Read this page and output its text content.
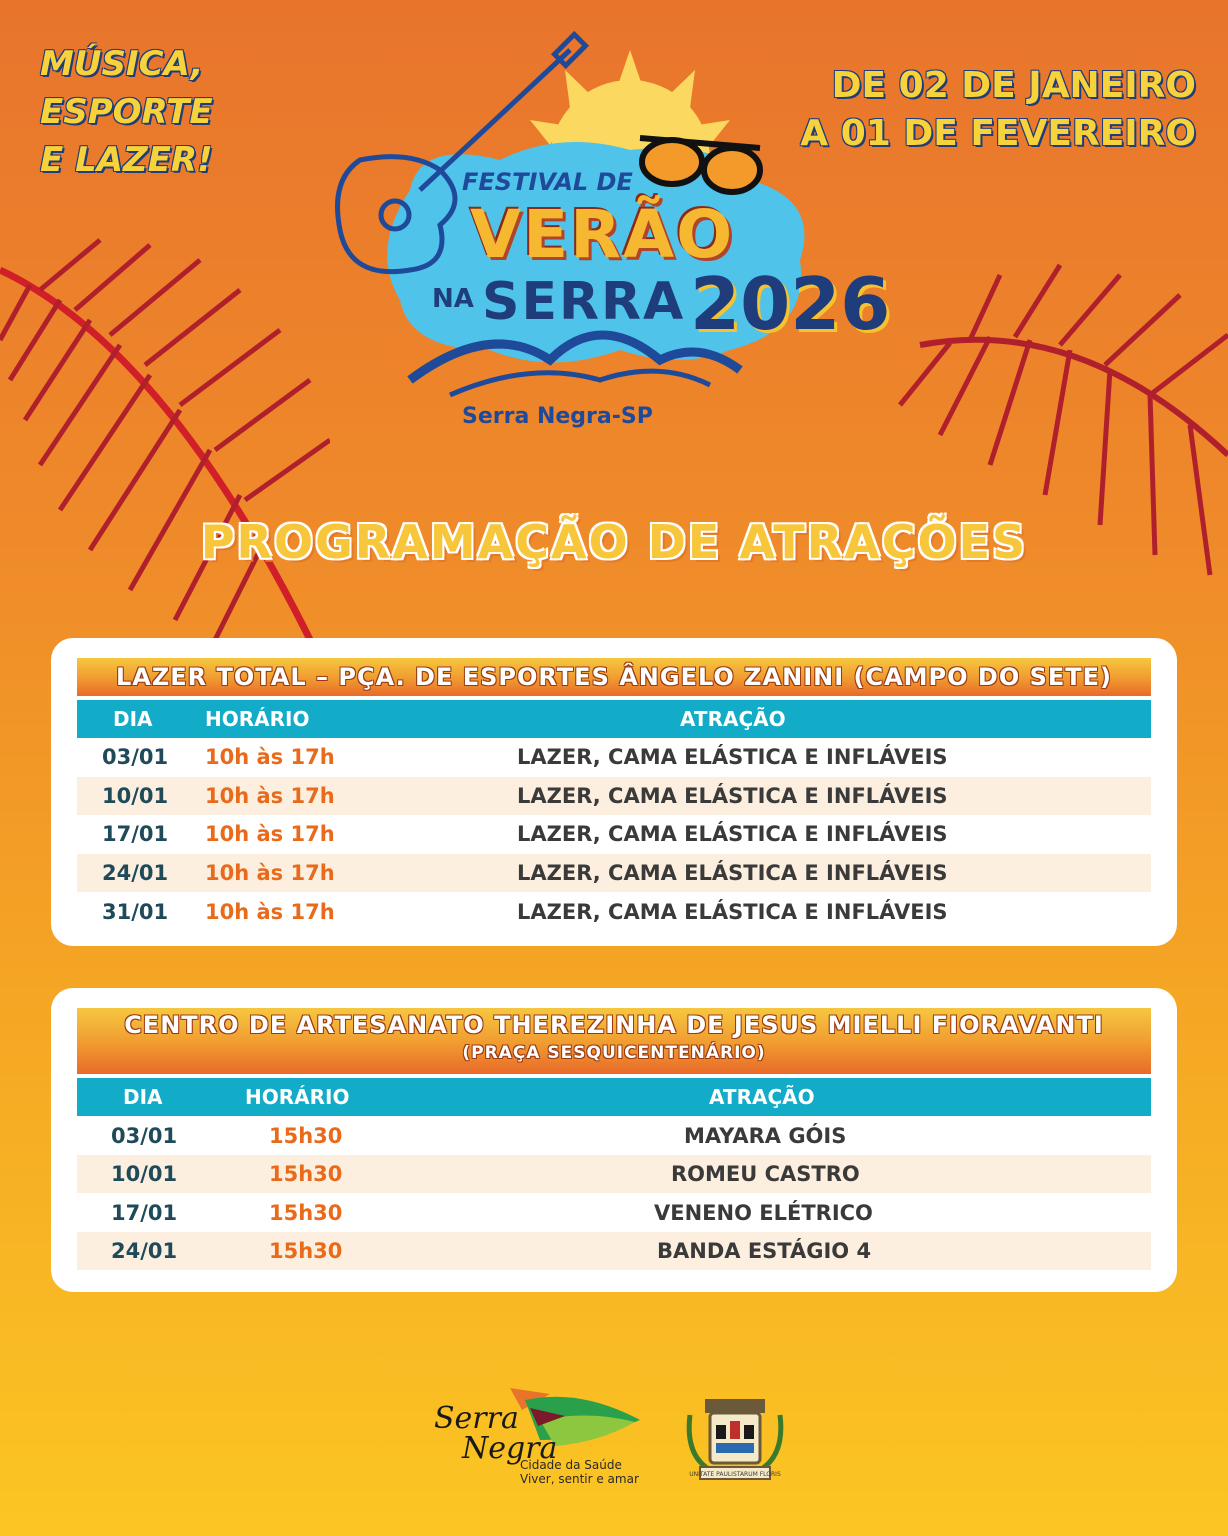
MÚSICA,
ESPORTE
E LAZER!
DE 02 DE JANEIRO
A 01 DE FEVEREIRO
FESTIVAL DE
VERÃO
NA SERRA 2026
Serra Negra-SP
PROGRAMAÇÃO DE ATRAÇÕES
LAZER TOTAL – PÇA. DE ESPORTES ÂNGELO ZANINI (CAMPO DO SETE)
DIA	HORÁRIO	ATRAÇÃO
03/01 10h às 17h	LAZER, CAMA ELÁSTICA E INFLÁVEIS
10/01 10h às 17h	LAZER, CAMA ELÁSTICA E INFLÁVEIS
17/01 10h às 17h	LAZER, CAMA ELÁSTICA E INFLÁVEIS
24/01 10h às 17h	LAZER, CAMA ELÁSTICA E INFLÁVEIS
31/01 10h às 17h	LAZER, CAMA ELÁSTICA E INFLÁVEIS
CENTRO DE ARTESANATO THEREZINHA DE JESUS MIELLI FIORAVANTI
(PRAÇA SESQUICENTENÁRIO)
DIA	HORÁRIO	ATRAÇÃO
03/01	15h30	MAYARA GÓIS
10/01	15h30	ROMEU CASTRO
17/01	15h30	VENENO ELÉTRICO
24/01	15h30	BANDA ESTÁGIO 4
Serra
Negra
Cidade da Saúde
Viver, sentir e amar	UNITATE PAULISTARUM FLORIS
